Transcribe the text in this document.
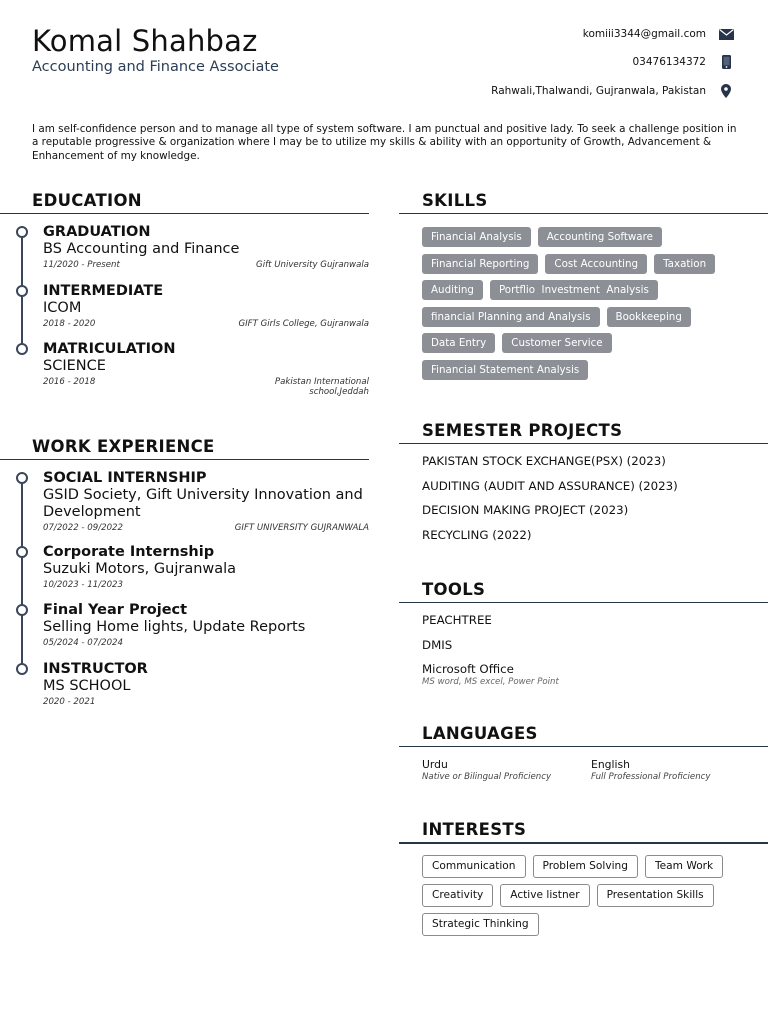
Komal Shahbaz
Accounting and Finance Associate
komiii3344@gmail.com
03476134372
Rahwali,Thalwandi, Gujranwala, Pakistan
I am self-confidence person and to manage all type of system software. I am punctual and positive lady. To seek a challenge position in a reputable progressive & organization where I may be to utilize my skills & ability with an opportunity of Growth, Advancement & Enhancement of my knowledge.
EDUCATION
GRADUATION
BS Accounting and Finance
11/2020 - Present	Gift University Gujranwala
INTERMEDIATE
ICOM
2018 - 2020	GIFT Girls College, Gujranwala
MATRICULATION
SCIENCE
2016 - 2018	Pakistan International school,Jeddah
WORK EXPERIENCE
SOCIAL INTERNSHIP
GSID Society, Gift University Innovation and Development
07/2022 - 09/2022	GIFT UNIVERSITY GUJRANWALA
Corporate Internship
Suzuki Motors, Gujranwala
10/2023 - 11/2023
Final Year Project
Selling Home lights, Update Reports
05/2024 - 07/2024
INSTRUCTOR
MS SCHOOL
2020 - 2021
SKILLS
Financial Analysis	Accounting Software
Financial Reporting	Cost Accounting	Taxation
Auditing	Portflio  Investment  Analysis
financial Planning and Analysis	Bookkeeping
Data Entry	Customer Service
Financial Statement Analysis
SEMESTER PROJECTS
PAKISTAN STOCK EXCHANGE(PSX) (2023)
AUDITING (AUDIT AND ASSURANCE) (2023)
DECISION MAKING PROJECT (2023)
RECYCLING (2022)
TOOLS
PEACHTREE
DMIS
Microsoft Office
MS word, MS excel, Power Point
LANGUAGES
Urdu
Native or Bilingual Proficiency
English
Full Professional Proficiency
INTERESTS
Communication	Problem Solving	Team Work
Creativity	Active listner	Presentation Skills
Strategic Thinking
